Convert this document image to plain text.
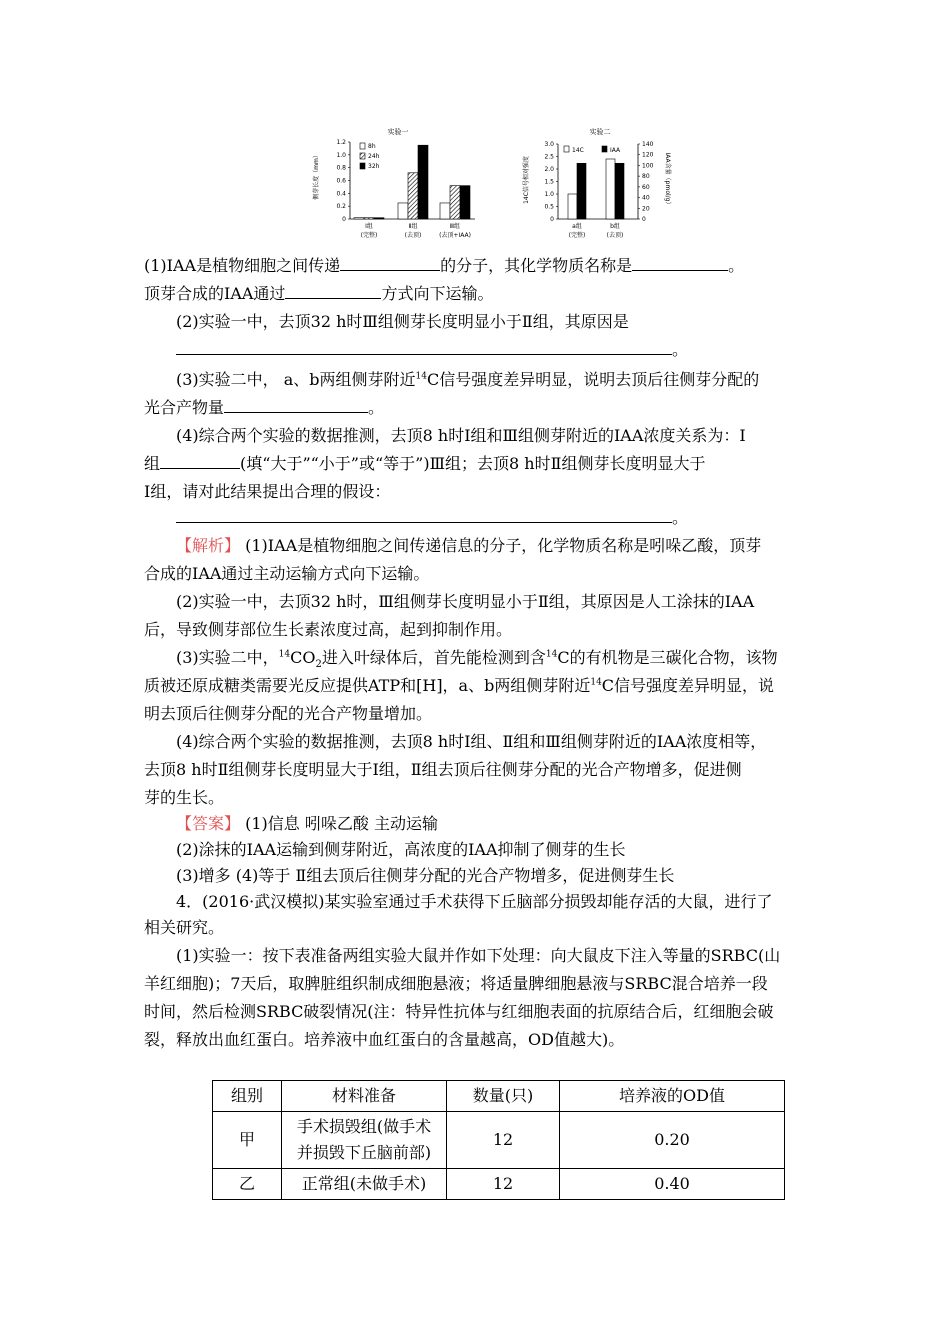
实验一
侧芽长度（mm）
0
0.2
0.4
0.6
0.8
1.0
1.2
Ⅰ组
(完整)
Ⅱ组
(去顶)
Ⅲ组
(去顶+IAA)
8h
24h
32h
实验二
14C信号相对强度	IAA含量（pmol/g）
0
0.5
1.0
1.5
2.0
2.5
3.0
0
20
40
60
80
100
120
140
a组
(完整)
b组
(去顶)
14C	IAA
(1)IAA是植物细胞之间传递	的分子，其化学物质名称是	。
顶芽合成的IAA通过	方式向下运输。
(2)实验一中，去顶32 h时Ⅲ组侧芽长度明显小于Ⅱ组，其原因是
。
(3)实验二中， a、b两组侧芽附近$^{14}$C信号强度差异明显，说明去顶后往侧芽分配的
光合产物量	。
(4)综合两个实验的数据推测，去顶8 h时Ⅰ组和Ⅲ组侧芽附近的IAA浓度关系为：Ⅰ
组	(填“大于”“小于”或“等于”)Ⅲ组；去顶8 h时Ⅱ组侧芽长度明显大于
Ⅰ组，请对此结果提出合理的假设：
。
【解析】 (1)IAA是植物细胞之间传递信息的分子，化学物质名称是吲哚乙酸，顶芽
合成的IAA通过主动运输方式向下运输。
(2)实验一中，去顶32 h时，Ⅲ组侧芽长度明显小于Ⅱ组，其原因是人工涂抹的IAA
后，导致侧芽部位生长素浓度过高，起到抑制作用。
(3)实验二中，$^{14}CO_2$进入叶绿体后，首先能检测到含$^{14}$C的有机物是三碳化合物，该物
质被还原成糖类需要光反应提供ATP和[H]，a、b两组侧芽附近$^{14}$C信号强度差异明显，说
明去顶后往侧芽分配的光合产物量增加。
(4)综合两个实验的数据推测，去顶8 h时Ⅰ组、Ⅱ组和Ⅲ组侧芽附近的IAA浓度相等，
去顶8 h时Ⅱ组侧芽长度明显大于Ⅰ组，Ⅱ组去顶后往侧芽分配的光合产物增多，促进侧
芽的生长。
【答案】 (1)信息 吲哚乙酸 主动运输
(2)涂抹的IAA运输到侧芽附近，高浓度的IAA抑制了侧芽的生长
(3)增多 (4)等于 Ⅱ组去顶后往侧芽分配的光合产物增多，促进侧芽生长
4．(2016·武汉模拟)某实验室通过手术获得下丘脑部分损毁却能存活的大鼠，进行了
相关研究。
(1)实验一：按下表准备两组实验大鼠并作如下处理：向大鼠皮下注入等量的SRBC(山
羊红细胞)；7天后，取脾脏组织制成细胞悬液；将适量脾细胞悬液与SRBC混合培养一段
时间，然后检测SRBC破裂情况(注：特异性抗体与红细胞表面的抗原结合后，红细胞会破
裂，释放出血红蛋白。培养液中血红蛋白的含量越高，OD值越大)。
组别	材料准备	数量(只)	培养液的OD值
甲	手术损毁组(做手术
并损毁下丘脑前部)	12	0.20
乙	正常组(未做手术)	12	0.40
